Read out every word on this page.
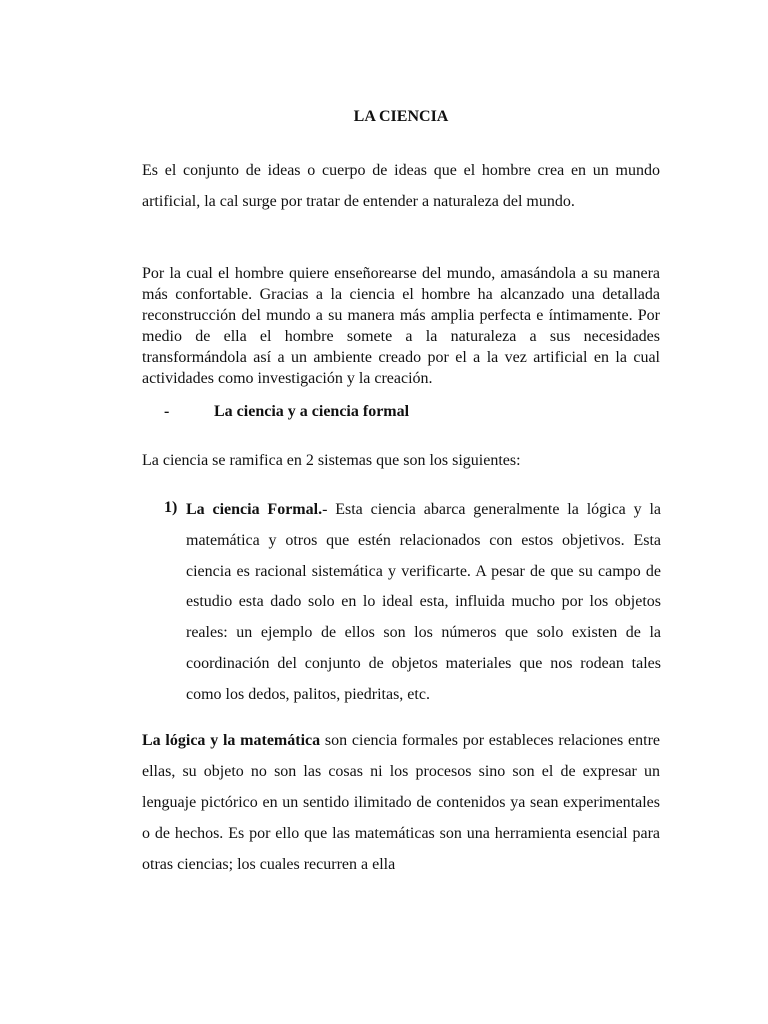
LA CIENCIA

Es el conjunto de ideas o cuerpo de ideas que el hombre crea en un mundo artificial, la cal surge por tratar de entender a naturaleza del mundo.

Por la cual el hombre quiere enseñorearse del mundo, amasándola a su manera más confortable. Gracias a la ciencia el hombre ha alcanzado una detallada reconstrucción del mundo a su manera más amplia perfecta e íntimamente. Por medio de ella el hombre somete a la naturaleza a sus necesidades transformándola así a un ambiente creado por el a la vez artificial en la cual actividades como investigación y la creación.

-	La ciencia y a ciencia formal
La ciencia se ramifica en 2 sistemas que son los siguientes:
1) La ciencia Formal.- Esta ciencia abarca generalmente la lógica y la matemática y otros que estén relacionados con estos objetivos. Esta ciencia es racional sistemática y verificarte. A pesar de que su campo de estudio esta dado solo en lo ideal esta, influida mucho por los objetos reales: un ejemplo de ellos son los números que solo existen de la coordinación del conjunto de objetos materiales que nos rodean tales como los dedos, palitos, piedritas, etc.

La lógica y la matemática son ciencia formales por estableces relaciones entre ellas, su objeto no son las cosas ni los procesos sino son el de expresar un lenguaje pictórico en un sentido ilimitado de contenidos ya sean experimentales o de hechos. Es por ello que las matemáticas son una herramienta esencial para otras ciencias; los cuales recurren a ella
